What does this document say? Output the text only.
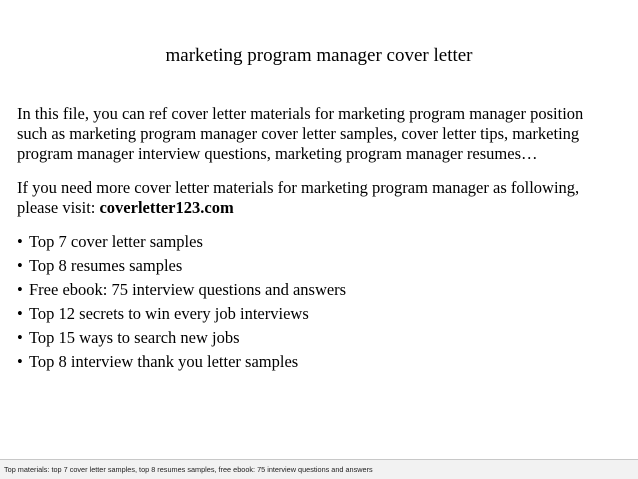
marketing program manager cover letter

In this file, you can ref cover letter materials for marketing program manager position such as marketing program manager cover letter samples, cover letter tips, marketing program manager interview questions, marketing program manager resumes…

If you need more cover letter materials for marketing program manager as following, please visit: coverletter123.com

• Top 7 cover letter samples
• Top 8 resumes samples
• Free ebook: 75 interview questions and answers
• Top 12 secrets to win every job interviews
• Top 15 ways to search new jobs
• Top 8 interview thank you letter samples
Top materials: top 7 cover letter samples, top 8 resumes samples, free ebook: 75 interview questions and answers
